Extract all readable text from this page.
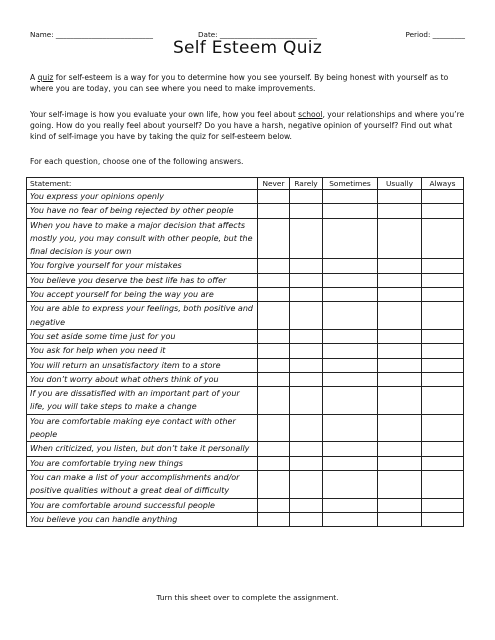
Name: ___________________________	Date: ___________________________	Period: _________
Self Esteem Quiz

A quiz for self-esteem is a way for you to determine how you see yourself. By being honest with yourself as to where you are today, you can see where you need to make improvements.

Your self-image is how you evaluate your own life, how you feel about school, your relationships and where you’re going. How do you really feel about yourself? Do you have a harsh, negative opinion of yourself? Find out what kind of self-image you have by taking the quiz for self-esteem below.

For each question, choose one of the following answers.

Statement:	Never	Rarely	Sometimes	Usually	Always
You express your opinions openly					
You have no fear of being rejected by other people					
When you have to make a major decision that affects mostly you, you may consult with other people, but the final decision is your own					
You forgive yourself for your mistakes					
You believe you deserve the best life has to offer					
You accept yourself for being the way you are					
You are able to express your feelings, both positive and negative					
You set aside some time just for you					
You ask for help when you need it					
You will return an unsatisfactory item to a store					
You don’t worry about what others think of you					
If you are dissatisfied with an important part of your life, you will take steps to make a change					
You are comfortable making eye contact with other people					
When criticized, you listen, but don’t take it personally					
You are comfortable trying new things					
You can make a list of your accomplishments and/or positive qualities without a great deal of difficulty					
You are comfortable around successful people					
You believe you can handle anything					
Turn this sheet over to complete the assignment.
